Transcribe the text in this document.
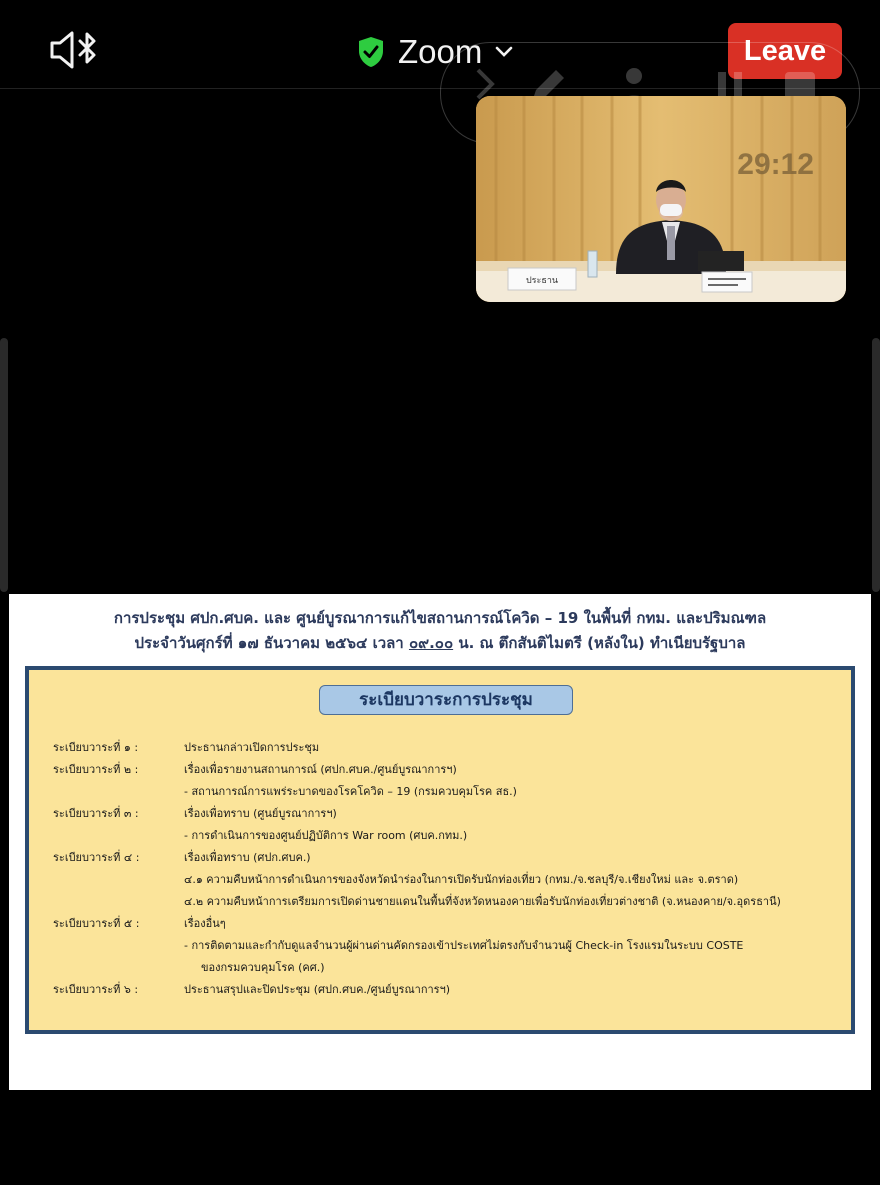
Zoom	Leave
ประธาน
29:12
การประชุม ศปก.ศบค. และ ศูนย์บูรณาการแก้ไขสถานการณ์โควิด – 19 ในพื้นที่ กทม. และปริมณฑล
ประจำวันศุกร์ที่ ๑๗ ธันวาคม ๒๕๖๔ เวลา ๐๙.๐๐ น. ณ ตึกสันติไมตรี (หลังใน) ทำเนียบรัฐบาล
ระเบียบวาระการประชุม
ระเบียบวาระที่ ๑ :	ประธานกล่าวเปิดการประชุม
ระเบียบวาระที่ ๒ :	เรื่องเพื่อรายงานสถานการณ์ (ศปก.ศบค./ศูนย์บูรณาการฯ)
- สถานการณ์การแพร่ระบาดของโรคโควิด – 19 (กรมควบคุมโรค สธ.)
ระเบียบวาระที่ ๓ :	เรื่องเพื่อทราบ (ศูนย์บูรณาการฯ)
- การดำเนินการของศูนย์ปฏิบัติการ War room (ศบค.กทม.)
ระเบียบวาระที่ ๔ :	เรื่องเพื่อทราบ (ศปก.ศบค.)
๔.๑ ความคืบหน้าการดำเนินการของจังหวัดนำร่องในการเปิดรับนักท่องเที่ยว (กทม./จ.ชลบุรี/จ.เชียงใหม่ และ จ.ตราด)
๔.๒ ความคืบหน้าการเตรียมการเปิดด่านชายแดนในพื้นที่จังหวัดหนองคายเพื่อรับนักท่องเที่ยวต่างชาติ (จ.หนองคาย/จ.อุดรธานี)
ระเบียบวาระที่ ๕ :	เรื่องอื่นๆ
- การติดตามและกำกับดูแลจำนวนผู้ผ่านด่านคัดกรองเข้าประเทศไม่ตรงกับจำนวนผู้ Check-in โรงแรมในระบบ COSTE
ของกรมควบคุมโรค (คศ.)
ระเบียบวาระที่ ๖ :	ประธานสรุปและปิดประชุม (ศปก.ศบค./ศูนย์บูรณาการฯ)
